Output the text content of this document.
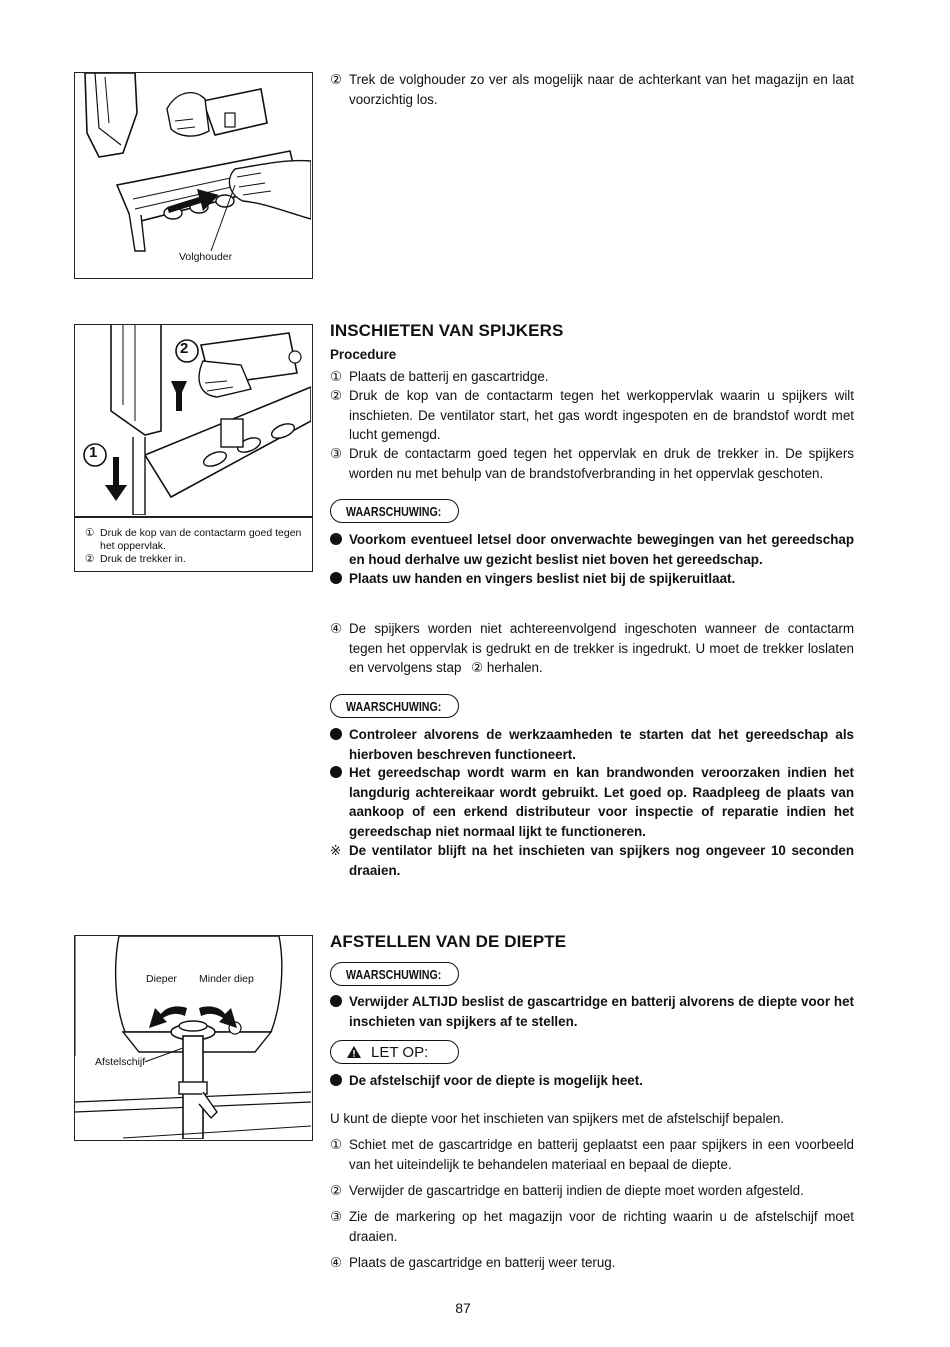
Volghouder
2
1
① Druk de kop van de contactarm goed tegen het oppervlak.
② Druk de trekker in.
Dieper Minder diep
Afstelschijf
② Trek de volghouder zo ver als mogelijk naar de achterkant van het magazijn en laat voorzichtig los.
INSCHIETEN VAN SPIJKERS
Procedure
① Plaats de batterij en gascartridge.
② Druk de kop van de contactarm tegen het werkoppervlak waarin u spijkers wilt inschieten. De ventilator start, het gas wordt ingespoten en de brandstof wordt met lucht gemengd.
③ Druk de contactarm goed tegen het oppervlak en druk de trekker in. De spijkers worden nu met behulp van de brandstofverbranding in het oppervlak geschoten.
WAARSCHUWING:
Voorkom eventueel letsel door onverwachte bewegingen van het gereedschap en houd derhalve uw gezicht beslist niet boven het gereedschap.
Plaats uw handen en vingers beslist niet bij de spijkeruitlaat.
④ De spijkers worden niet achtereenvolgend ingeschoten wanneer de contactarm tegen het oppervlak is gedrukt en de trekker is ingedrukt. U moet de trekker loslaten en vervolgens stap ② herhalen.
WAARSCHUWING:
Controleer alvorens de werkzaamheden te starten dat het gereedschap als hierboven beschreven functioneert.
Het gereedschap wordt warm en kan brandwonden veroorzaken indien het langdurig achtereikaar wordt gebruikt. Let goed op. Raadpleeg de plaats van aankoop of een erkend distributeur voor inspectie of reparatie indien het gereedschap niet normaal lijkt te functioneren.
※ De ventilator blijft na het inschieten van spijkers nog ongeveer 10 seconden draaien.
AFSTELLEN VAN DE DIEPTE
WAARSCHUWING:
Verwijder ALTIJD beslist de gascartridge en batterij alvorens de diepte voor het inschieten van spijkers af te stellen.
LET OP:
De afstelschijf voor de diepte is mogelijk heet.
U kunt de diepte voor het inschieten van spijkers met de afstelschijf bepalen.
① Schiet met de gascartridge en batterij geplaatst een paar spijkers in een voorbeeld van het uiteindelijk te behandelen materiaal en bepaal de diepte.
② Verwijder de gascartridge en batterij indien de diepte moet worden afgesteld.
③ Zie de markering op het magazijn voor de richting waarin u de afstelschijf moet draaien.
④ Plaats de gascartridge en batterij weer terug.
87
